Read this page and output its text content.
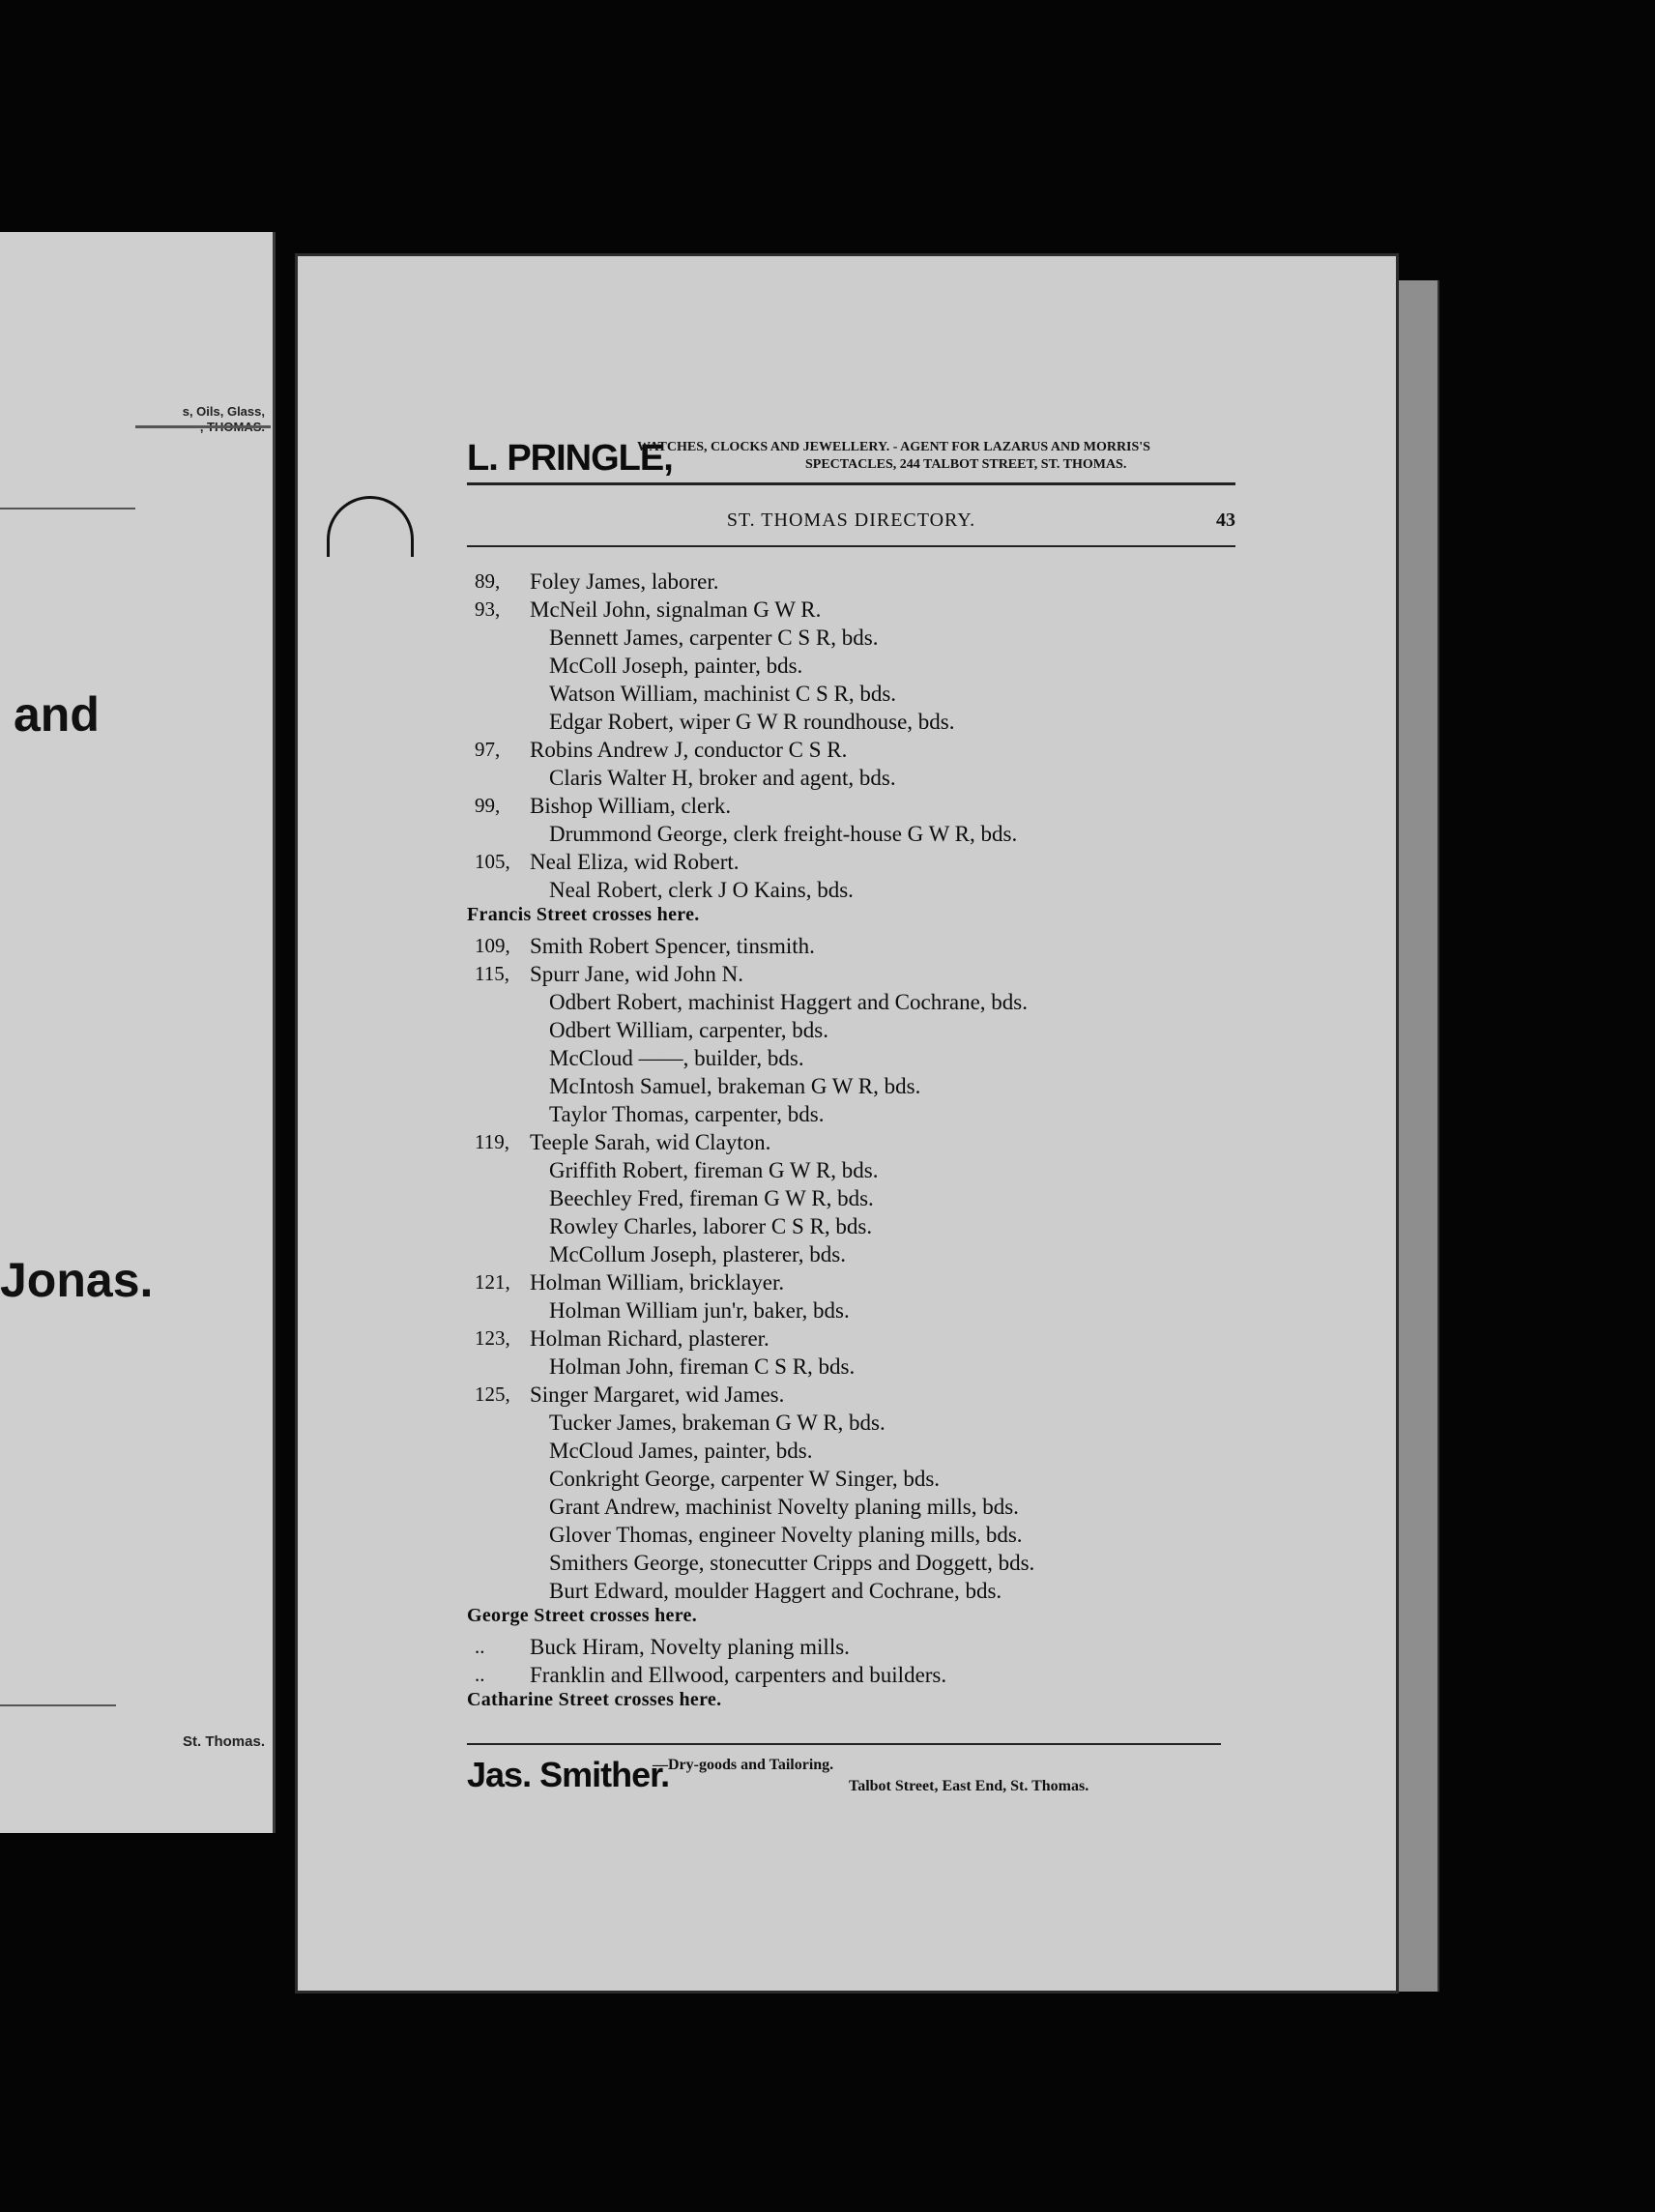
s, Oils, Glass,
and
Jonas.
St. Thomas.
L. PRINGLE,
WATCHES, CLOCKS AND JEWELLERY. - AGENT FOR LAZARUS AND MORRIS'S
SPECTACLES, 244 TALBOT STREET, ST. THOMAS.
ST. THOMAS DIRECTORY.	43
89,	Foley James, laborer.
93,	McNeil John, signalman G W R.
Bennett James, carpenter C S R, bds.
McColl Joseph, painter, bds.
Watson William, machinist C S R, bds.
Edgar Robert, wiper G W R roundhouse, bds.
97,	Robins Andrew J, conductor C S R.
Claris Walter H, broker and agent, bds.
99,	Bishop William, clerk.
Drummond George, clerk freight-house G W R, bds.
105, Neal Eliza, wid Robert.
Neal Robert, clerk J O Kains, bds.
Francis Street crosses here.
109, Smith Robert Spencer, tinsmith.
115, Spurr Jane, wid John N.
Odbert Robert, machinist Haggert and Cochrane, bds.
Odbert William, carpenter, bds.
McCloud ——, builder, bds.
McIntosh Samuel, brakeman G W R, bds.
Taylor Thomas, carpenter, bds.
119, Teeple Sarah, wid Clayton.
Griffith Robert, fireman G W R, bds.
Beechley Fred, fireman G W R, bds.
Rowley Charles, laborer C S R, bds.
McCollum Joseph, plasterer, bds.
121, Holman William, bricklayer.
Holman William jun'r, baker, bds.
123, Holman Richard, plasterer.
Holman John, fireman C S R, bds.
125, Singer Margaret, wid James.
Tucker James, brakeman G W R, bds.
McCloud James, painter, bds.
Conkright George, carpenter W Singer, bds.
Grant Andrew, machinist Novelty planing mills, bds.
Glover Thomas, engineer Novelty planing mills, bds.
Smithers George, stonecutter Cripps and Doggett, bds.
Burt Edward, moulder Haggert and Cochrane, bds.
George Street crosses here.
..	Buck Hiram, Novelty planing mills.
..	Franklin and Ellwood, carpenters and builders.
Catharine Street crosses here.
Jas. Smither.
—Dry-goods and Tailoring.
Talbot Street, East End, St. Thomas.
